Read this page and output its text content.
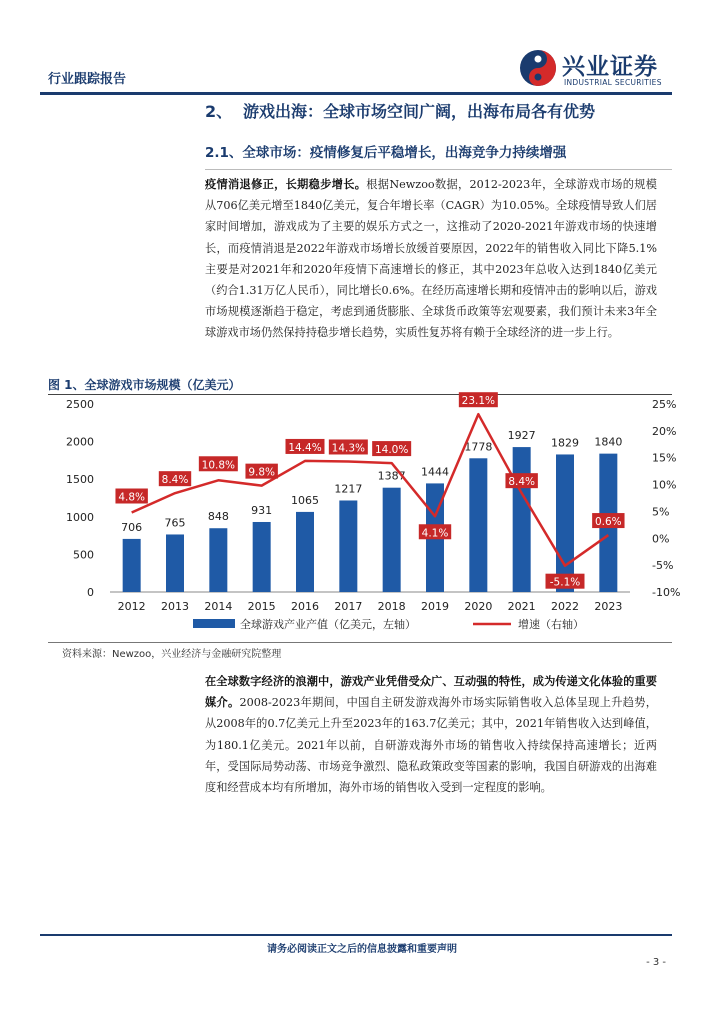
行业跟踪报告	兴业证券
INDUSTRIAL SECURITIES
2、 游戏出海：全球市场空间广阔，出海布局各有优势
2.1、全球市场：疫情修复后平稳增长，出海竞争力持续增强
疫情消退修正，长期稳步增长。根据Newzoo数据，2012-2023年，全球游戏市场的规模从706亿美元增至1840亿美元，复合年增长率（CAGR）为10.05%。全球疫情导致人们居家时间增加，游戏成为了主要的娱乐方式之一，这推动了2020-2021年游戏市场的快速增长，而疫情消退是2022年游戏市场增长放缓首要原因，2022年的销售收入同比下降5.1%主要是对2021年和2020年疫情下高速增长的修正，其中2023年总收入达到1840亿美元（约合1.31万亿人民币），同比增长0.6%。在经历高速增长期和疫情冲击的影响以后，游戏市场规模逐渐趋于稳定，考虑到通货膨胀、全球货币政策等宏观要素，我们预计未来3年全球游戏市场仍然保持持稳步增长趋势，实质性复苏将有赖于全球经济的进一步上行。
图 1、全球游戏市场规模（亿美元）
0
500
1000
1500
2000
2500
-10%
-5%
0%
5%
10%
15%
20%
25%
2012 2013 2014 2015 2016 2017 2018 2019 2020 2021 2022 2023
706 765 848 931
1065
1217
1387 1444
1778
1927
1829 1840
4.8%
8.4%
10.8%
9.8%
14.4% 14.3% 14.0%
4.1%
23.1%
8.4%
-5.1%
0.6%
全球游戏产业产值（亿美元，左轴）	增速（右轴）
资料来源：Newzoo，兴业经济与金融研究院整理
在全球数字经济的浪潮中，游戏产业凭借受众广、互动强的特性，成为传递文化体验的重要媒介。2008-2023年期间，中国自主研发游戏海外市场实际销售收入总体呈现上升趋势，从2008年的0.7亿美元上升至2023年的163.7亿美元；其中，2021年销售收入达到峰值，为180.1亿美元。2021年以前，自研游戏海外市场的销售收入持续保持高速增长；近两年，受国际局势动荡、市场竞争激烈、隐私政策政变等国素的影响，我国自研游戏的出海难度和经营成本均有所增加，海外市场的销售收入受到一定程度的影响。
请务必阅读正文之后的信息披露和重要声明
- 3 -
